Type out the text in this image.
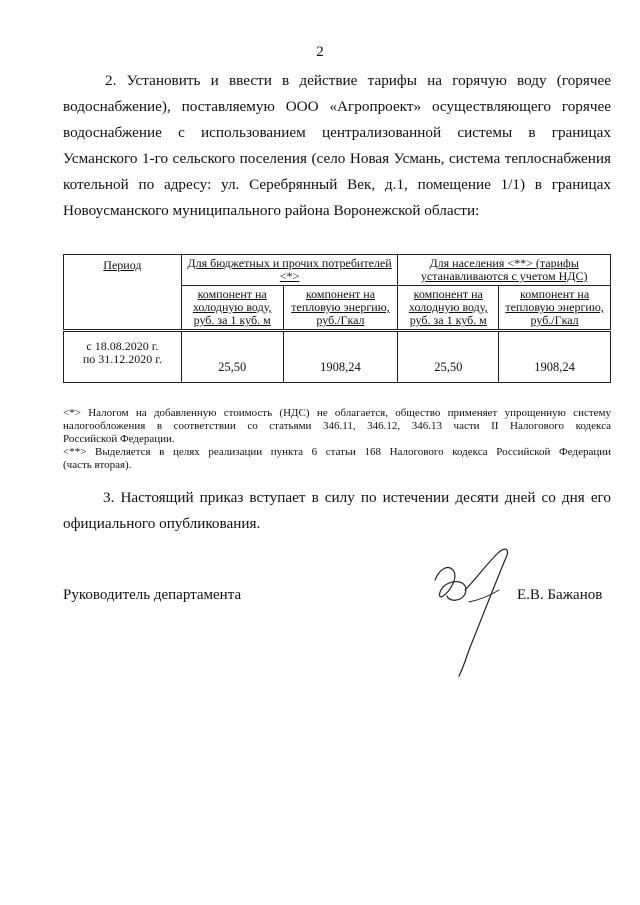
2
2. Установить и ввести в действие тарифы на горячую воду (горячее
водоснабжение), поставляемую ООО «Агропроект» осуществляющего горячее
водоснабжение с использованием централизованной системы в границах
Усманского 1-го сельского поселения (село Новая Усмань, система теплоснабжения
котельной по адресу: ул. Серебрянный Век, д.1, помещение 1/1) в границах
Новоусманского муниципального района Воронежской области:
Период	Для бюджетных и прочих потребителей <*>		Для населения <**> (тарифы устанавливаются с учетом НДС)	
	компонент на холодную воду, руб. за 1 куб. м	компонент на тепловую энергию, руб./Гкал	компонент на холодную воду, руб. за 1 куб. м	компонент на тепловую энергию, руб./Гкал
с 18.08.2020 г.
по 31.12.2020 г.	25,50	1908,24	25,50	1908,24
<*> Налогом на добавленную стоимость (НДС) не облагается, общество применяет упрощенную систему
налогообложения в соответствии со статьями 346.11, 346.12, 346.13 части II Налогового кодекса
Российской Федерации.
<**> Выделяется в целях реализации пункта 6 статьи 168 Налогового кодекса Российской Федерации
(часть вторая).
3. Настоящий приказ вступает в силу по истечении десяти дней со дня его
официального опубликования.
Руководитель департамента	Е.В. Бажанов
